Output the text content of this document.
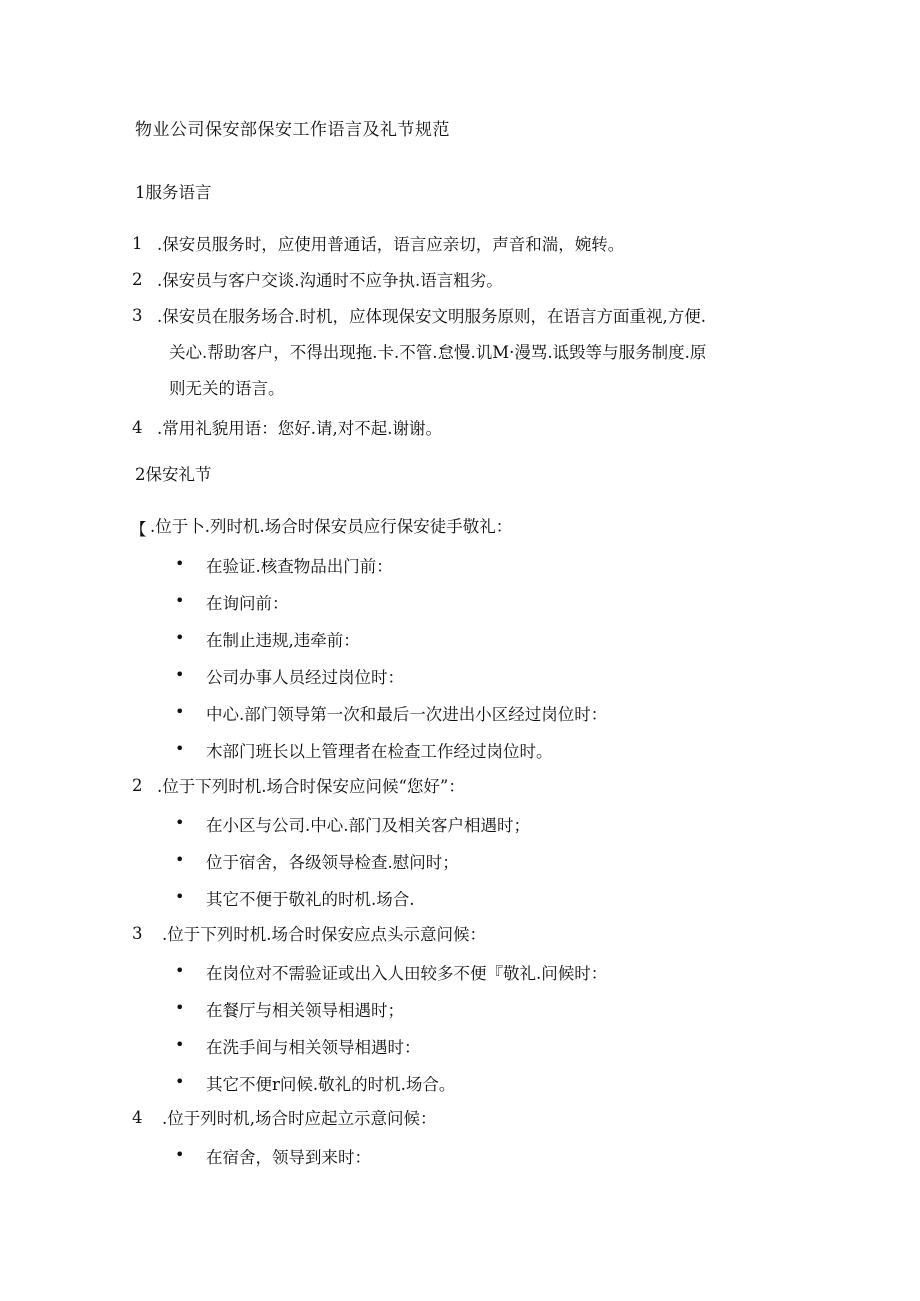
物业公司保安部保安工作语言及礼节规范
1服务语言
1 .保安员服务时，应使用普通话，语言应亲切，声音和湍，婉转。
2 .保安员与客户交谈.沟通时不应争执.语言粗劣。
3 .保安员在服务场合.时机，应体现保安文明服务原则，在语言方面重视,方便.
关心.帮助客户，不得出现拖.卡.不管.怠慢.讥M·漫骂.诋毁等与服务制度.原
则无关的语言。
4 .常用礼貌用语：您好.请,对不起.谢谢。
2保安礼节
【 .位于卜.列时机.场合时保安员应行保安徒手敬礼：
• 在验证.核查物品出门前：
• 在询问前：
• 在制止违规,违牵前：
• 公司办事人员经过岗位时：
• 中心.部门领导第一次和最后一次进出小区经过岗位时：
• 木部门班长以上管理者在检查工作经过岗位时。
2 .位于下列时机.场合时保安应问候“您好”：
• 在小区与公司.中心.部门及相关客户相遇时；
• 位于宿舍，各级领导检查.慰问时；
• 其它不便于敬礼的时机.场合.
3 .位于下列时机.场合时保安应点头示意问候：
• 在岗位对不需验证或出入人田较多不便『敬礼.问候时：
• 在餐厅与相关领导相遇时；
• 在洗手间与相关领导相遇时：
• 其它不便r问候.敬礼的时机.场合。
4 .位于列时机,场合时应起立示意问候：
• 在宿舍，领导到来时：
